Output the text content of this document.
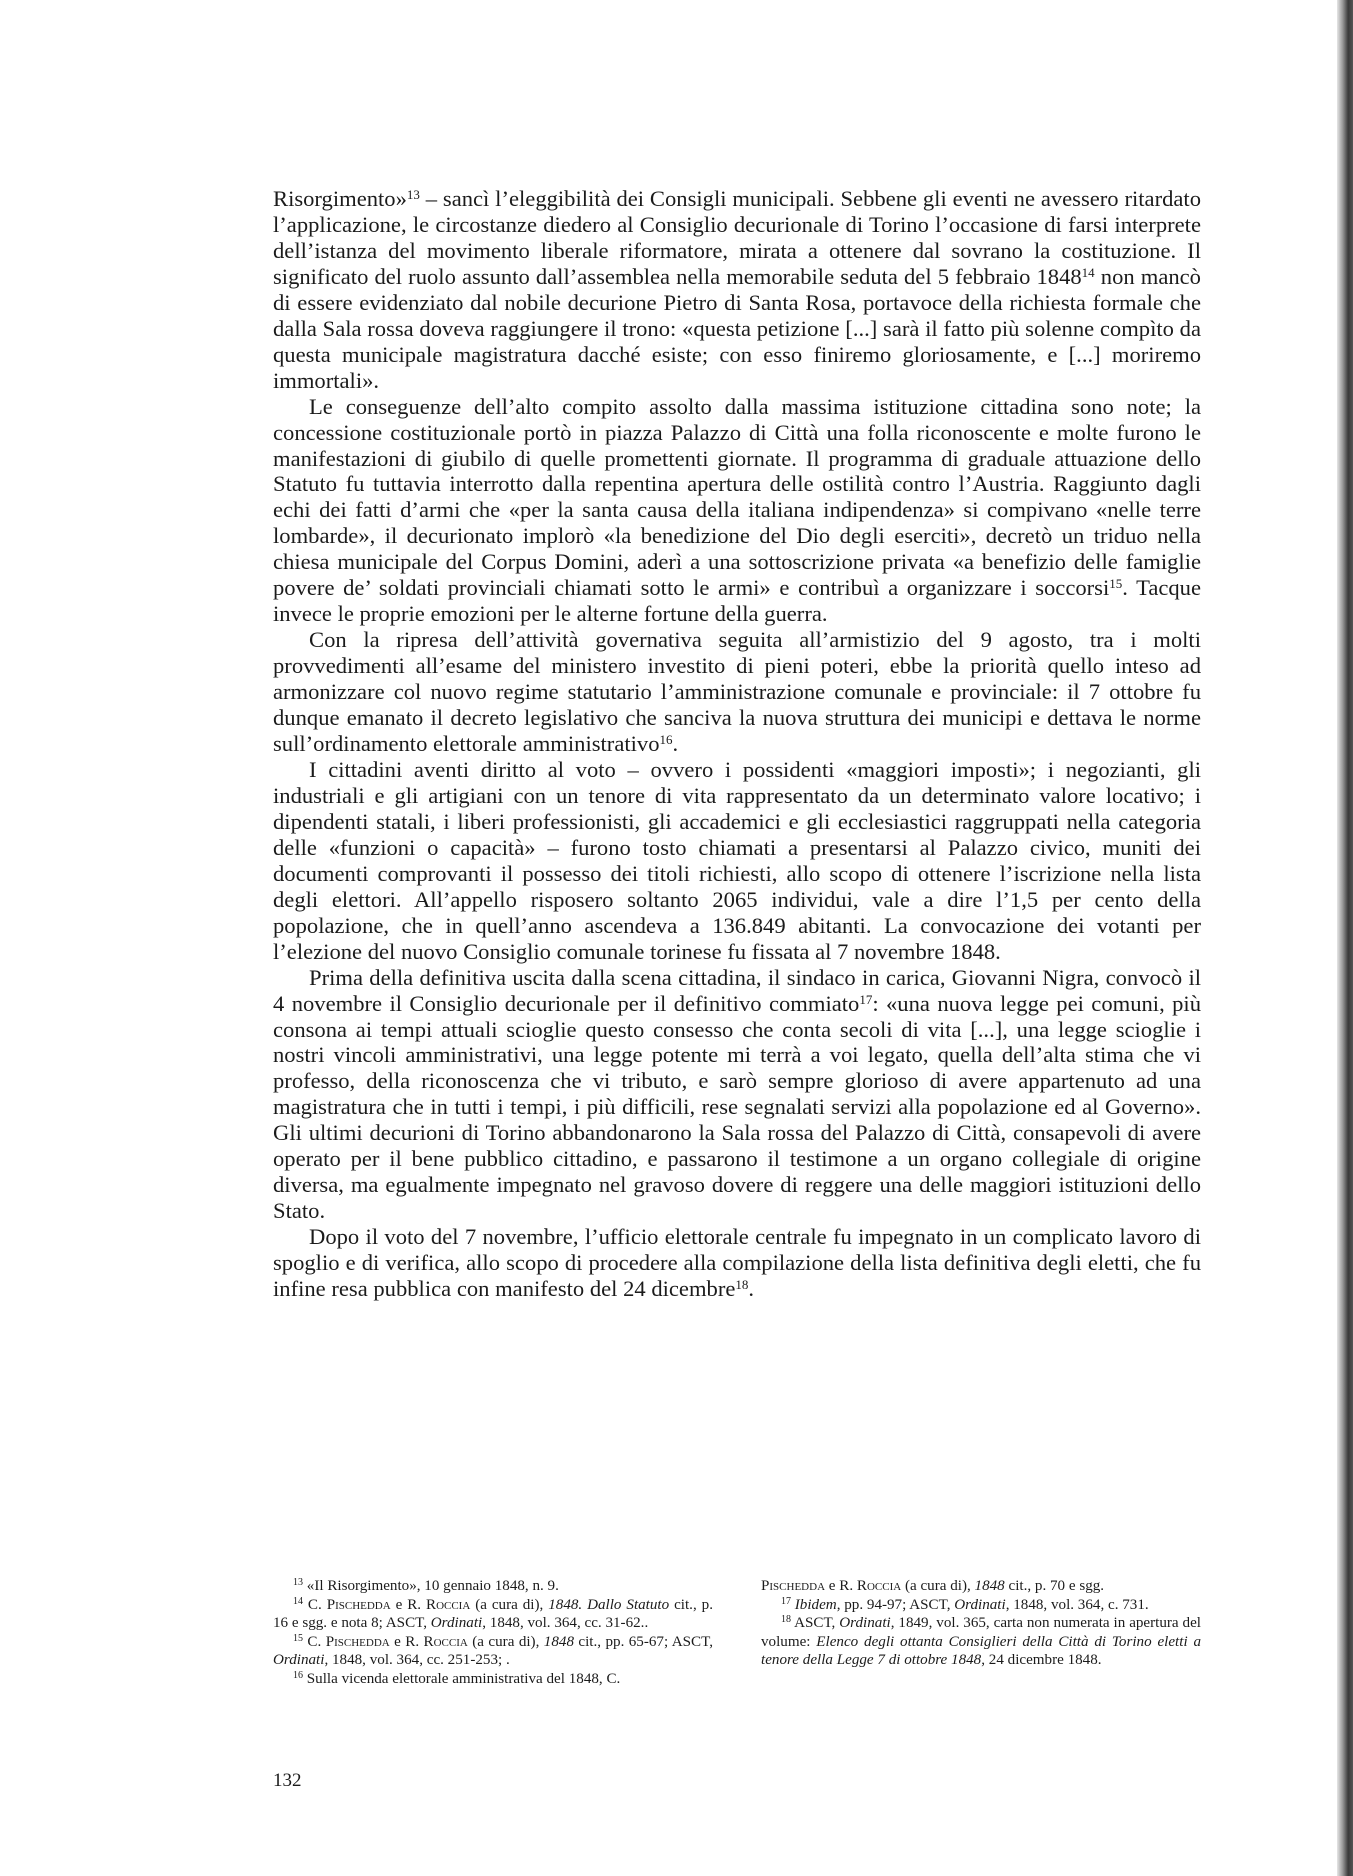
Risorgimento»$^{13}$ – sancì l’eleggibilità dei Consigli municipali. Sebbene gli eventi ne avessero ritardato l’applicazione, le circostanze diedero al Consiglio decurionale di Torino l’occasione di farsi interprete dell’istanza del movimento liberale riformatore, mirata a ottenere dal sovrano la costituzione. Il significato del ruolo assunto dall’assemblea nella memorabile seduta del 5 febbraio 1848$^{14}$ non mancò di essere evidenziato dal nobile decurione Pietro di Santa Rosa, portavoce della richiesta formale che dalla Sala rossa doveva raggiungere il trono: «questa petizione [...] sarà il fatto più solenne compìto da questa municipale magistratura dacché esiste; con esso finiremo gloriosamente, e [...] moriremo immortali».

Le conseguenze dell’alto compito assolto dalla massima istituzione cittadina sono note; la concessione costituzionale portò in piazza Palazzo di Città una folla riconoscente e molte furono le manifestazioni di giubilo di quelle promettenti giornate. Il programma di graduale attuazione dello Statuto fu tuttavia interrotto dalla repentina apertura delle ostilità contro l’Austria. Raggiunto dagli echi dei fatti d’armi che «per la santa causa della italiana indipendenza» si compivano «nelle terre lombarde», il decurionato implorò «la benedizione del Dio degli eserciti», decretò un triduo nella chiesa municipale del Corpus Domini, aderì a una sottoscrizione privata «a benefizio delle famiglie povere de’ soldati provinciali chiamati sotto le armi» e contribuì a organizzare i soccorsi$^{15}$. Tacque invece le proprie emozioni per le alterne fortune della guerra.

Con la ripresa dell’attività governativa seguita all’armistizio del 9 agosto, tra i molti provvedimenti all’esame del ministero investito di pieni poteri, ebbe la priorità quello inteso ad armonizzare col nuovo regime statutario l’amministrazione comunale e provinciale: il 7 ottobre fu dunque emanato il decreto legislativo che sanciva la nuova struttura dei municipi e dettava le norme sull’ordinamento elettorale amministrativo$^{16}$.

I cittadini aventi diritto al voto – ovvero i possidenti «maggiori imposti»; i negozianti, gli industriali e gli artigiani con un tenore di vita rappresentato da un determinato valore locativo; i dipendenti statali, i liberi professionisti, gli accademici e gli ecclesiastici raggruppati nella categoria delle «funzioni o capacità» – furono tosto chiamati a presentarsi al Palazzo civico, muniti dei documenti comprovanti il possesso dei titoli richiesti, allo scopo di ottenere l’iscrizione nella lista degli elettori. All’appello risposero soltanto 2065 individui, vale a dire l’1,5 per cento della popolazione, che in quell’anno ascendeva a 136.849 abitanti. La convocazione dei votanti per l’elezione del nuovo Consiglio comunale torinese fu fissata al 7 novembre 1848.

Prima della definitiva uscita dalla scena cittadina, il sindaco in carica, Giovanni Nigra, convocò il 4 novembre il Consiglio decurionale per il definitivo commiato$^{17}$: «una nuova legge pei comuni, più consona ai tempi attuali scioglie questo consesso che conta secoli di vita [...], una legge scioglie i nostri vincoli amministrativi, una legge potente mi terrà a voi legato, quella dell’alta stima che vi professo, della riconoscenza che vi tributo, e sarò sempre glorioso di avere appartenuto ad una magistratura che in tutti i tempi, i più difficili, rese segnalati servizi alla popolazione ed al Governo». Gli ultimi decurioni di Torino abbandonarono la Sala rossa del Palazzo di Città, consapevoli di avere operato per il bene pubblico cittadino, e passarono il testimone a un organo collegiale di origine diversa, ma egualmente impegnato nel gravoso dovere di reggere una delle maggiori istituzioni dello Stato.

Dopo il voto del 7 novembre, l’ufficio elettorale centrale fu impegnato in un complicato lavoro di spoglio e di verifica, allo scopo di procedere alla compilazione della lista definitiva degli eletti, che fu infine resa pubblica con manifesto del 24 dicembre$^{18}$.

$^{13}$ «Il Risorgimento», 10 gennaio 1848, n. 9.

$^{14}$ C. Pischedda e R. Roccia (a cura di), 1848. Dallo Statuto cit., p. 16 e sgg. e nota 8; ASCT, Ordinati, 1848, vol. 364, cc. 31-62..

$^{15}$ C. Pischedda e R. Roccia (a cura di), 1848 cit., pp. 65-67; ASCT, Ordinati, 1848, vol. 364, cc. 251-253; .

$^{16}$ Sulla vicenda elettorale amministrativa del 1848, C.

Pischedda e R. Roccia (a cura di), 1848 cit., p. 70 e sgg.

$^{17}$ Ibidem, pp. 94-97; ASCT, Ordinati, 1848, vol. 364, c. 731.

$^{18}$ ASCT, Ordinati, 1849, vol. 365, carta non numerata in apertura del volume: Elenco degli ottanta Consiglieri della Città di Torino eletti a tenore della Legge 7 di ottobre 1848, 24 dicembre 1848.

132
